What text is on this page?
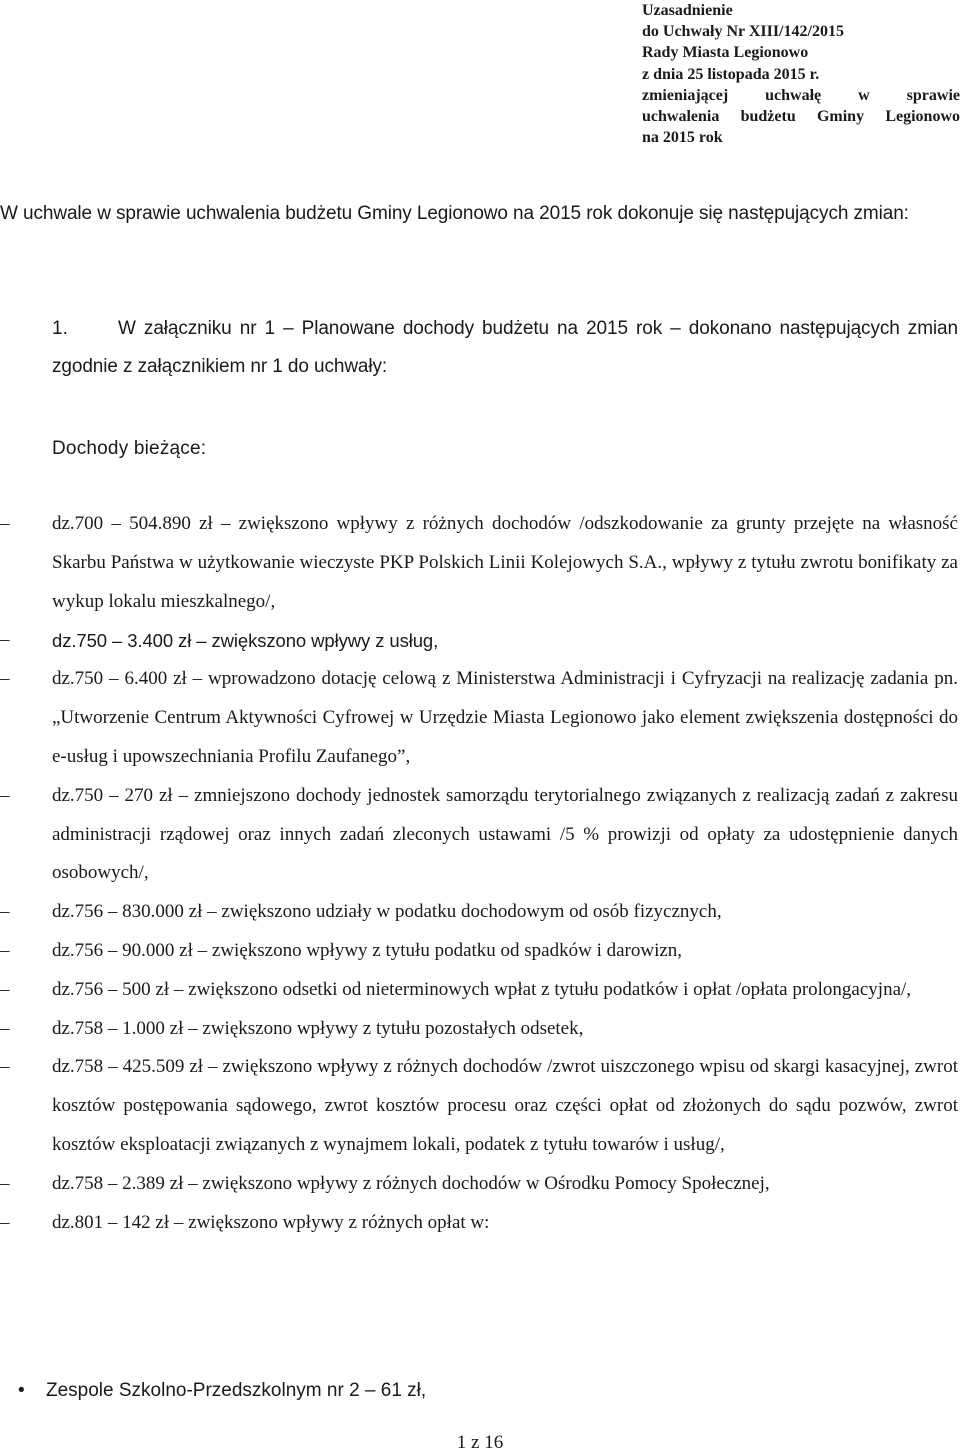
Uzasadnienie
do Uchwały Nr XIII/142/2015
Rady Miasta Legionowo
z dnia 25 listopada 2015 r.
zmieniającej uchwałę w sprawie
uchwalenia budżetu Gminy Legionowo
na 2015 rok
W uchwale w sprawie uchwalenia budżetu Gminy Legionowo na 2015 rok dokonuje się następujących zmian:
1.	W załączniku nr 1 – Planowane dochody budżetu na 2015 rok – dokonano następujących zmian zgodnie z załącznikiem nr 1 do uchwały:
Dochody bieżące:
– dz.700 – 504.890 zł – zwiększono wpływy z różnych dochodów /odszkodowanie za grunty przejęte na własność Skarbu Państwa w użytkowanie wieczyste PKP Polskich Linii Kolejowych S.A., wpływy z tytułu zwrotu bonifikaty za wykup lokalu mieszkalnego/,
– dz.750 – 3.400 zł – zwiększono wpływy z usług,
– dz.750 – 6.400 zł – wprowadzono dotację celową z Ministerstwa Administracji i Cyfryzacji na realizację zadania pn. „Utworzenie Centrum Aktywności Cyfrowej w Urzędzie Miasta Legionowo jako element zwiększenia dostępności do e-usług i upowszechniania Profilu Zaufanego”,
– dz.750 – 270 zł – zmniejszono dochody jednostek samorządu terytorialnego związanych z realizacją zadań z zakresu administracji rządowej oraz innych zadań zleconych ustawami /5 % prowizji od opłaty za udostępnienie danych osobowych/,
– dz.756 – 830.000 zł – zwiększono udziały w podatku dochodowym od osób fizycznych,
– dz.756 – 90.000 zł – zwiększono wpływy z tytułu podatku od spadków i darowizn,
– dz.756 – 500 zł – zwiększono odsetki od nieterminowych wpłat z tytułu podatków i opłat /opłata prolongacyjna/,
– dz.758 – 1.000 zł – zwiększono wpływy z tytułu pozostałych odsetek,
– dz.758 – 425.509 zł – zwiększono wpływy z różnych dochodów /zwrot uiszczonego wpisu od skargi kasacyjnej, zwrot kosztów postępowania sądowego, zwrot kosztów procesu oraz części opłat od złożonych do sądu pozwów, zwrot kosztów eksploatacji związanych z wynajmem lokali, podatek z tytułu towarów i usług/,
– dz.758 – 2.389 zł – zwiększono wpływy z różnych dochodów w Ośrodku Pomocy Społecznej,
– dz.801 – 142 zł – zwiększono wpływy z różnych opłat w:
• Zespole Szkolno-Przedszkolnym nr 2 – 61 zł,
1 z 16
